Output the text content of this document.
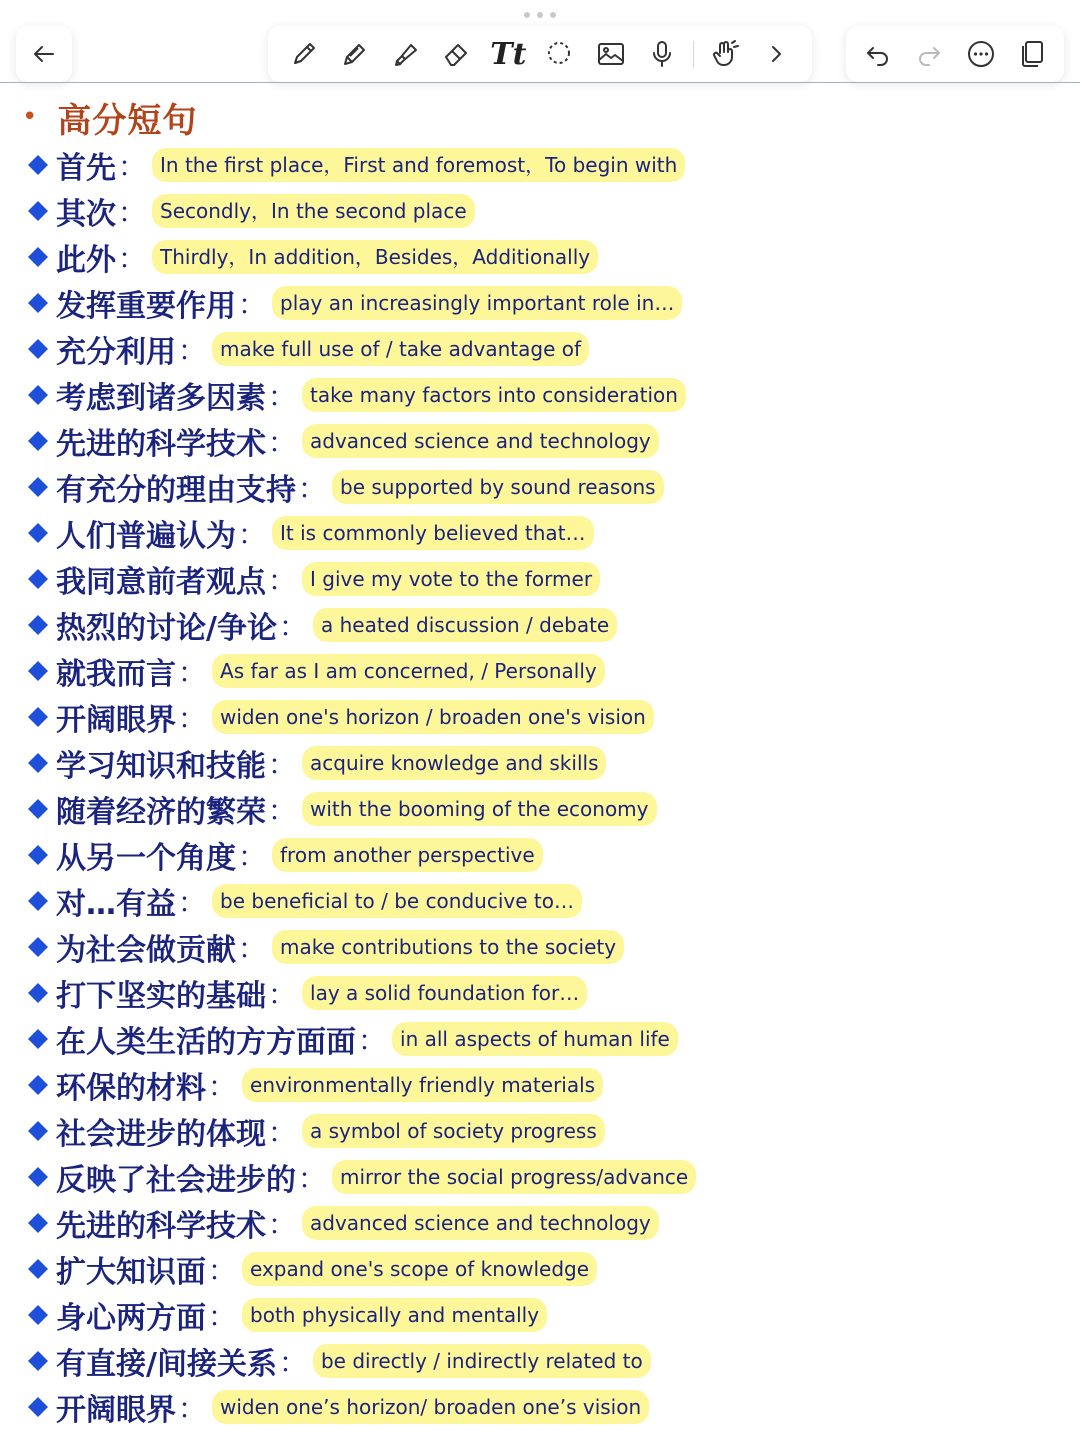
Tt
• 高分短句
首先 ： In the first place，First and foremost，To begin with
其次 ： Secondly，In the second place
此外 ： Thirdly，In addition，Besides，Additionally
发挥重要作用 ： play an increasingly important role in…
充分利用 ： make full use of / take advantage of
考虑到诸多因素 ： take many factors into consideration
先进的科学技术 ： advanced science and technology
有充分的理由支持 ： be supported by sound reasons
人们普遍认为 ： It is commonly believed that…
我同意前者观点 ： I give my vote to the former
热烈的讨论/争论 ： a heated discussion / debate
就我而言 ： As far as I am concerned, / Personally
开阔眼界 ： widen one's horizon / broaden one's vision
学习知识和技能 ： acquire knowledge and skills
随着经济的繁荣 ： with the booming of the economy
从另一个角度 ： from another perspective
对…有益 ： be beneficial to / be conducive to…
为社会做贡献 ： make contributions to the society
打下坚实的基础 ： lay a solid foundation for…
在人类生活的方方面面 ： in all aspects of human life
环保的材料 ： environmentally friendly materials
社会进步的体现 ： a symbol of society progress
反映了社会进步的 ： mirror the social progress/advance
先进的科学技术 ： advanced science and technology
扩大知识面 ： expand one's scope of knowledge
身心两方面 ： both physically and mentally
有直接/间接关系 ： be directly / indirectly related to
开阔眼界 ： widen one’s horizon/ broaden one’s vision
